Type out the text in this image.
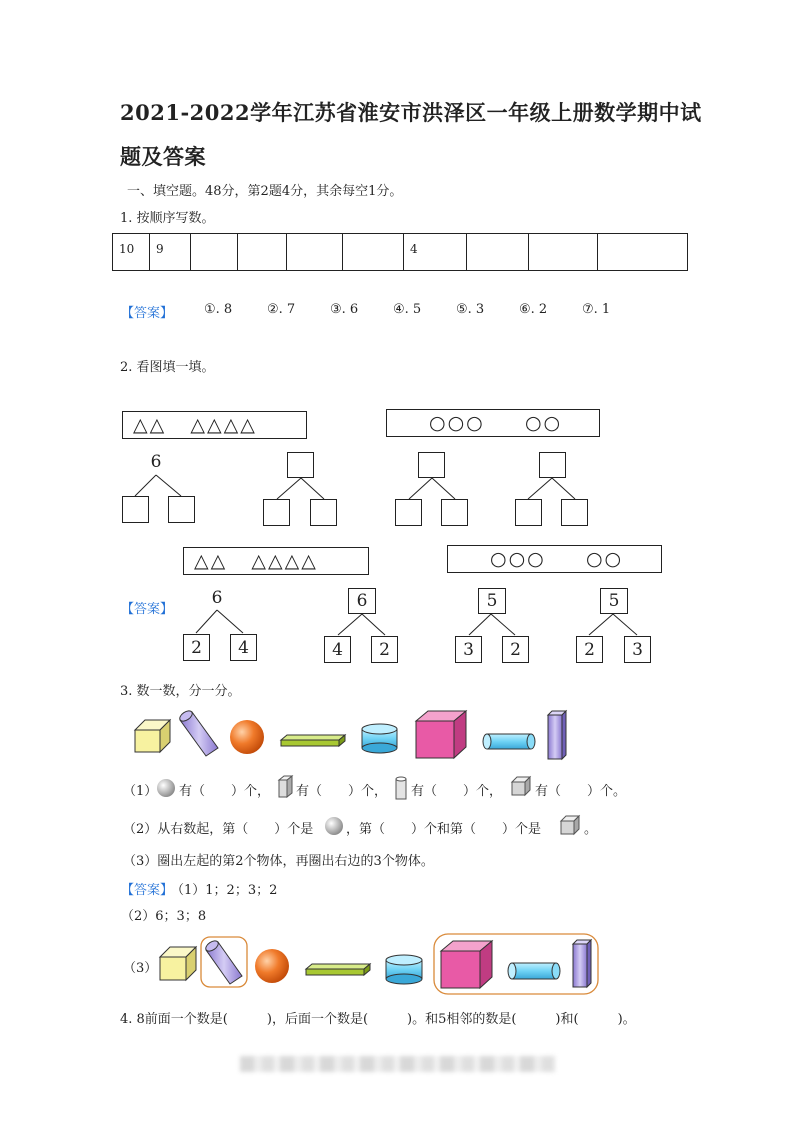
2021-2022学年江苏省淮安市洪泽区一年级上册数学期中试
题及答案
一、填空题。48分，第2题4分，其余每空1分。
1. 按顺序写数。
10	9					4			
【答案】 ①. 8	②. 7	③. 6	④. 5	⑤. 3	⑥. 2	⑦. 1
2. 看图填一填。
△△ △△△△	○○○ ○○
6
△△ △△△△	○○○ ○○
【答案】
6
2	4
6
4	2
5
3	2
5
2	3
3. 数一数，分一分。
（1） 有（　　）个， 有（　　）个， 有（　　）个，	有（　　）个。
（2）从右数起，第（　　）个是	，第（　　）个和第（　　）个是	。
（3）圈出左起的第2个物体，再圈出右边的3个物体。
【答案】
（1）1；2；3；2
（2）6；3；8
（3）
4. 8前面一个数是(　　　)，后面一个数是(　　　)。和5相邻的数是(　　　)和(　　　)。
